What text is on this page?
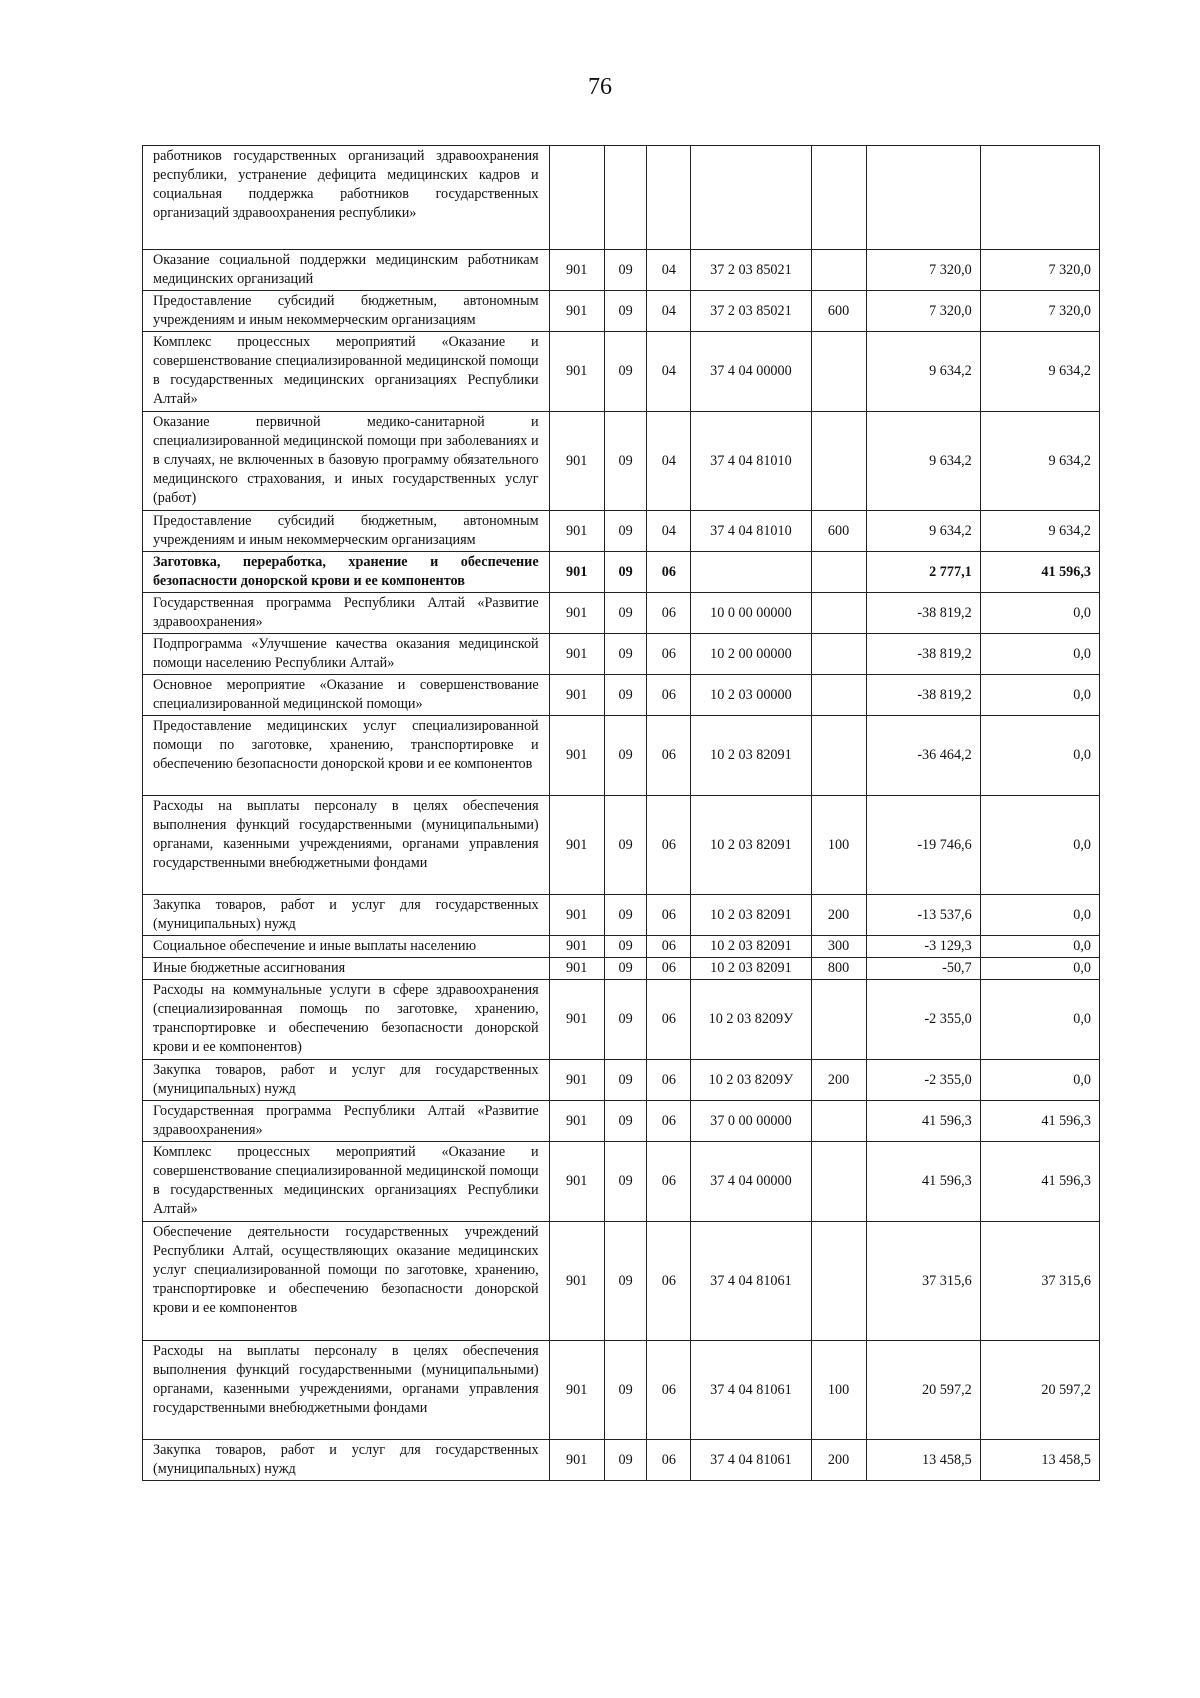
76
работников государственных организаций здравоохранения республики, устранение дефицита медицинских кадров и социальная поддержка работников государственных организаций здравоохранения республики»							
Оказание социальной поддержки медицинским работникам медицинских организаций	901	09	04	37 2 03 85021		7 320,0	7 320,0
Предоставление субсидий бюджетным, автономным учреждениям и иным некоммерческим организациям	901	09	04	37 2 03 85021	600	7 320,0	7 320,0
Комплекс процессных мероприятий «Оказание и совершенствование специализированной медицинской помощи в государственных медицинских организациях Республики Алтай»	901	09	04	37 4 04 00000		9 634,2	9 634,2
Оказание первичной медико-санитарной и специализированной медицинской помощи при заболеваниях и в случаях, не включенных в базовую программу обязательного медицинского страхования, и иных государственных услуг (работ)	901	09	04	37 4 04 81010		9 634,2	9 634,2
Предоставление субсидий бюджетным, автономным учреждениям и иным некоммерческим организациям	901	09	04	37 4 04 81010	600	9 634,2	9 634,2
Заготовка, переработка, хранение и обеспечение безопасности донорской крови и ее компонентов	901	09	06			2 777,1	41 596,3
Государственная программа Республики Алтай «Развитие здравоохранения»	901	09	06	10 0 00 00000		-38 819,2	0,0
Подпрограмма «Улучшение качества оказания медицинской помощи населению Республики Алтай»	901	09	06	10 2 00 00000		-38 819,2	0,0
Основное мероприятие «Оказание и совершенствование специализированной медицинской помощи»	901	09	06	10 2 03 00000		-38 819,2	0,0
Предоставление медицинских услуг специализированной помощи по заготовке, хранению, транспортировке и обеспечению безопасности донорской крови и ее компонентов	901	09	06	10 2 03 82091		-36 464,2	0,0
Расходы на выплаты персоналу в целях обеспечения выполнения функций государственными (муниципальными) органами, казенными учреждениями, органами управления государственными внебюджетными фондами	901	09	06	10 2 03 82091	100	-19 746,6	0,0
Закупка товаров, работ и услуг для государственных (муниципальных) нужд	901	09	06	10 2 03 82091	200	-13 537,6	0,0
Социальное обеспечение и иные выплаты населению	901	09	06	10 2 03 82091	300	-3 129,3	0,0
Иные бюджетные ассигнования	901	09	06	10 2 03 82091	800	-50,7	0,0
Расходы на коммунальные услуги в сфере здравоохранения (специализированная помощь по заготовке, хранению, транспортировке и обеспечению безопасности донорской крови и ее компонентов)	901	09	06	10 2 03 8209У		-2 355,0	0,0
Закупка товаров, работ и услуг для государственных (муниципальных) нужд	901	09	06	10 2 03 8209У	200	-2 355,0	0,0
Государственная программа Республики Алтай «Развитие здравоохранения»	901	09	06	37 0 00 00000		41 596,3	41 596,3
Комплекс процессных мероприятий «Оказание и совершенствование специализированной медицинской помощи в государственных медицинских организациях Республики Алтай»	901	09	06	37 4 04 00000		41 596,3	41 596,3
Обеспечение деятельности государственных учреждений Республики Алтай, осуществляющих оказание медицинских услуг специализированной помощи по заготовке, хранению, транспортировке и обеспечению безопасности донорской крови и ее компонентов	901	09	06	37 4 04 81061		37 315,6	37 315,6
Расходы на выплаты персоналу в целях обеспечения выполнения функций государственными (муниципальными) органами, казенными учреждениями, органами управления государственными внебюджетными фондами	901	09	06	37 4 04 81061	100	20 597,2	20 597,2
Закупка товаров, работ и услуг для государственных (муниципальных) нужд	901	09	06	37 4 04 81061	200	13 458,5	13 458,5
